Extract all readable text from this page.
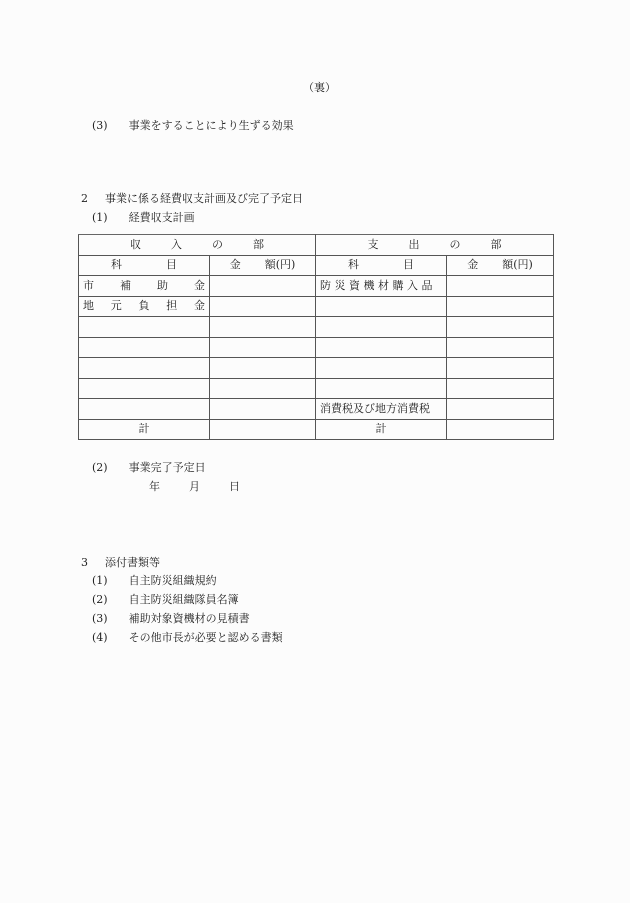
（裏）
(3) 事業をすることにより生ずる効果
2 事業に係る経費収支計画及び完了予定日
(1) 経費収支計画
収 入 の 部		支 出 の 部	

科 目	金 額(円)	科 目	金 額(円)

市 補 助 金		防 災 資 機 材 購 入 品	

地 元 負 担 金			

		消費税及び地方消費税	
計		計	
(2) 事業完了予定日
年	月	日
3 添付書類等
(1) 自主防災組織規約
(2) 自主防災組織隊員名簿
(3) 補助対象資機材の見積書
(4) その他市長が必要と認める書類
